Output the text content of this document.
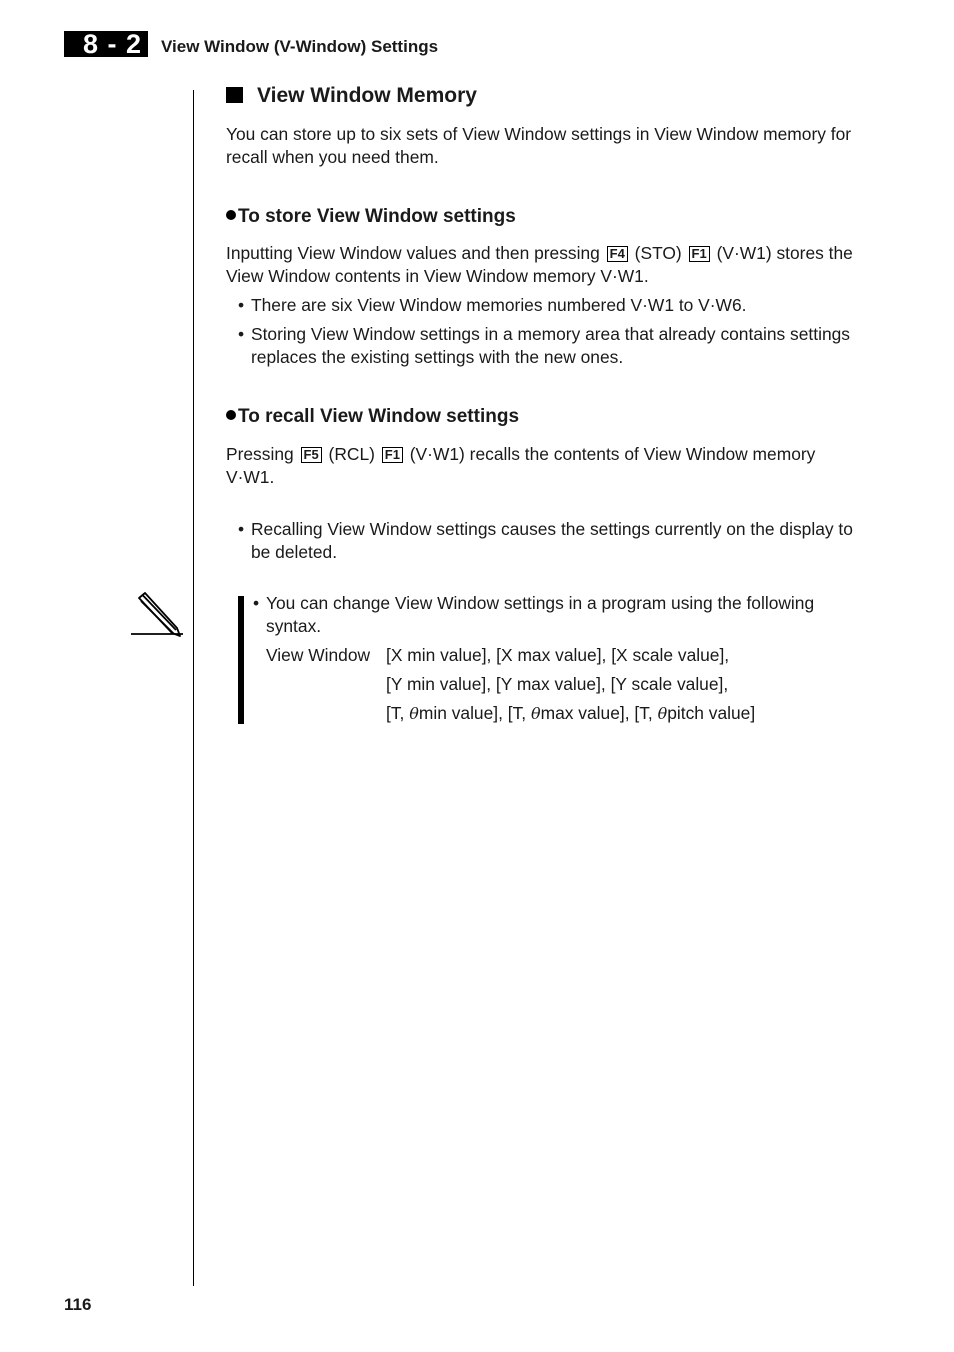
8 - 2	View Window (V-Window) Settings
View Window Memory
You can store up to six sets of View Window settings in View Window memory for
recall when you need them.
To store View Window settings
Inputting View Window values and then pressing F4 (STO) F1 (V·W1) stores the
View Window contents in View Window memory V·W1.
• There are six View Window memories numbered V·W1 to V·W6.
• Storing View Window settings in a memory area that already contains settings
replaces the existing settings with the new ones.
To recall View Window settings
Pressing F5 (RCL) F1 (V·W1) recalls the contents of View Window memory
V·W1.
• Recalling View Window settings causes the settings currently on the display to
be deleted.
• You can change View Window settings in a program using the following
syntax.
View Window [X min value], [X max value], [X scale value],
[Y min value], [Y max value], [Y scale value],
[T, θmin value], [T, θmax value], [T, θpitch value]
116
